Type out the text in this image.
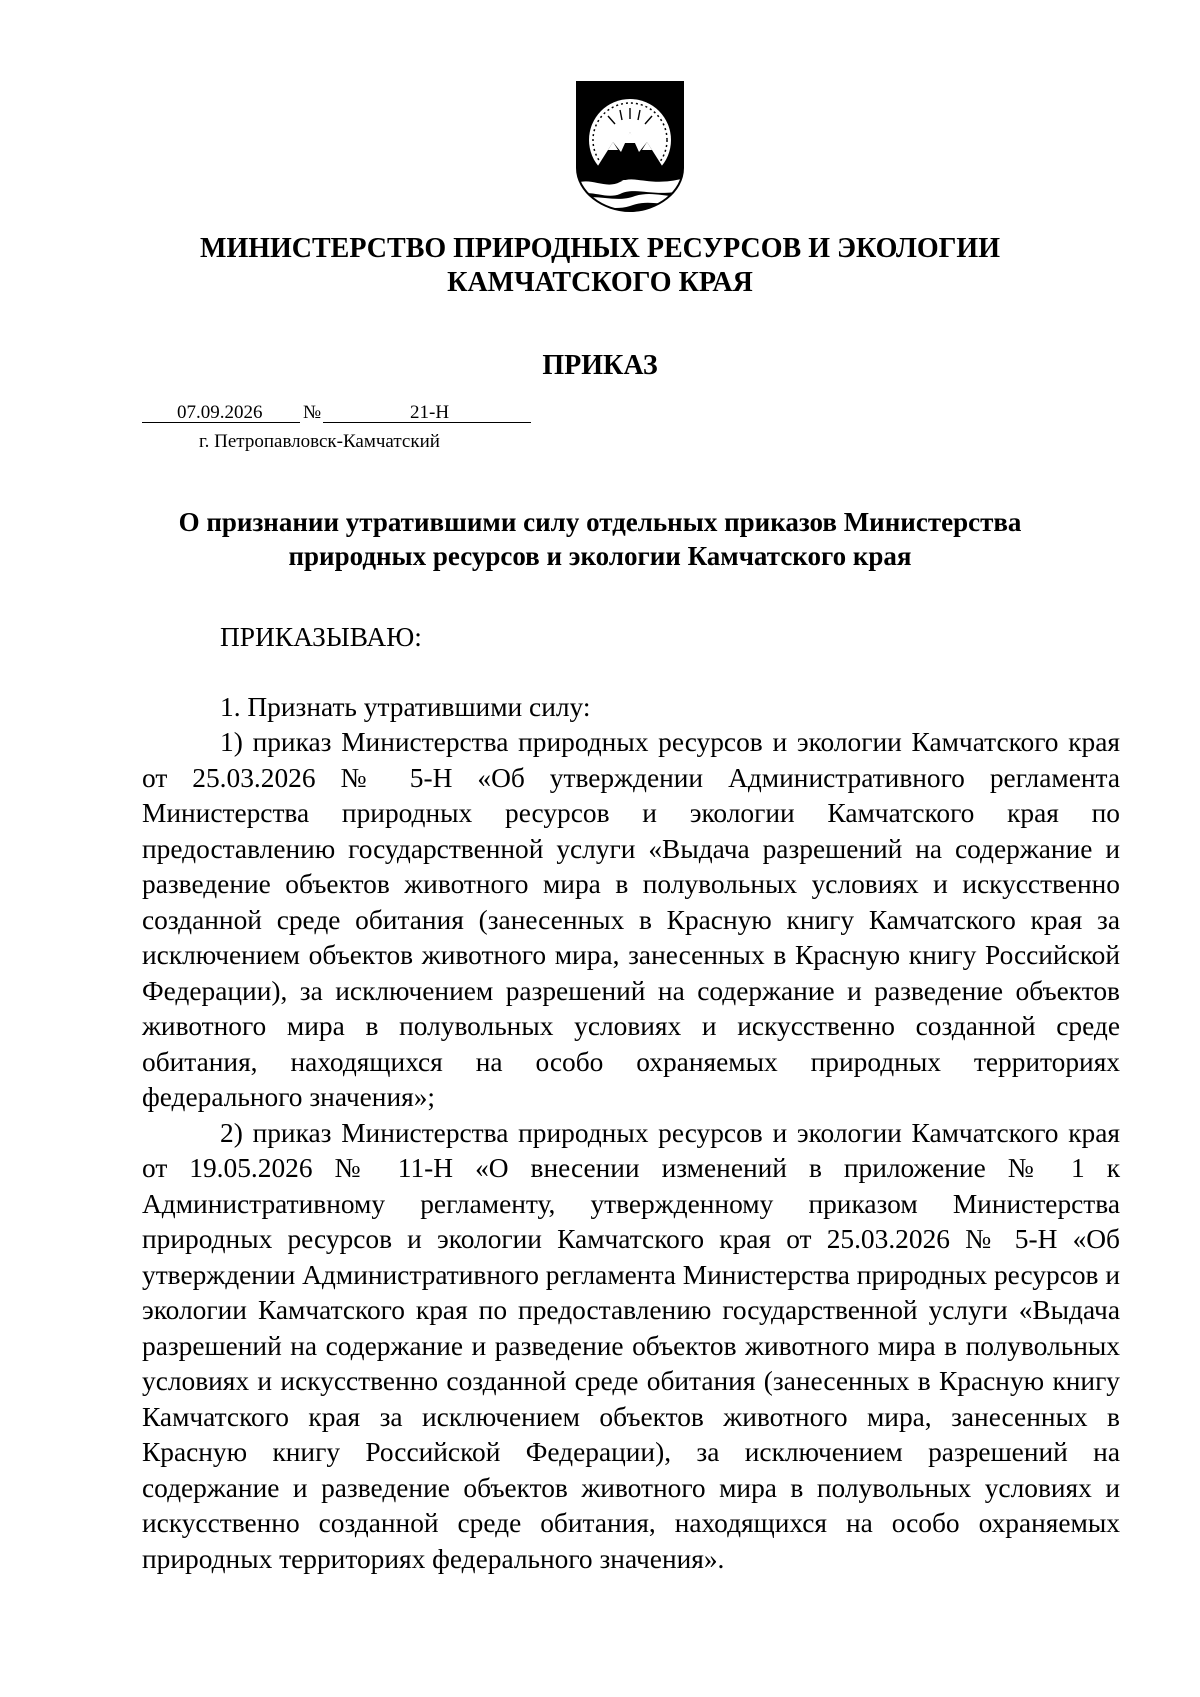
МИНИСТЕРСТВО ПРИРОДНЫХ РЕСУРСОВ И ЭКОЛОГИИ
КАМЧАТСКОГО КРАЯ
ПРИКАЗ
07.09.2026 №	21-Н
г. Петропавловск-Камчатский
О признании утратившими силу отдельных приказов Министерства
природных ресурсов и экологии Камчатского края

ПРИКАЗЫВАЮ:

1. Признать утратившими силу:

1) приказ Министерства природных ресурсов и экологии Камчатского края от 25.03.2026 № 5-Н «Об утверждении Административного регламента Министерства природных ресурсов и экологии Камчатского края по предоставлению государственной услуги «Выдача разрешений на содержание и разведение объектов животного мира в полувольных условиях и искусственно созданной среде обитания (занесенных в Красную книгу Камчатского края за исключением объектов животного мира, занесенных в Красную книгу Российской Федерации), за исключением разрешений на содержание и разведение объектов животного мира в полувольных условиях и искусственно созданной среде обитания, находящихся на особо охраняемых природных территориях федерального значения»;

2) приказ Министерства природных ресурсов и экологии Камчатского края от 19.05.2026 № 11-Н «О внесении изменений в приложение № 1 к Административному регламенту, утвержденному приказом Министерства природных ресурсов и экологии Камчатского края от 25.03.2026 № 5-Н «Об утверждении Административного регламента Министерства природных ресурсов и экологии Камчатского края по предоставлению государственной услуги «Выдача разрешений на содержание и разведение объектов животного мира в полувольных условиях и искусственно созданной среде обитания (занесенных в Красную книгу Камчатского края за исключением объектов животного мира, занесенных в Красную книгу Российской Федерации), за исключением разрешений на содержание и разведение объектов животного мира в полувольных условиях и искусственно созданной среде обитания, находящихся на особо охраняемых природных территориях федерального значения».
